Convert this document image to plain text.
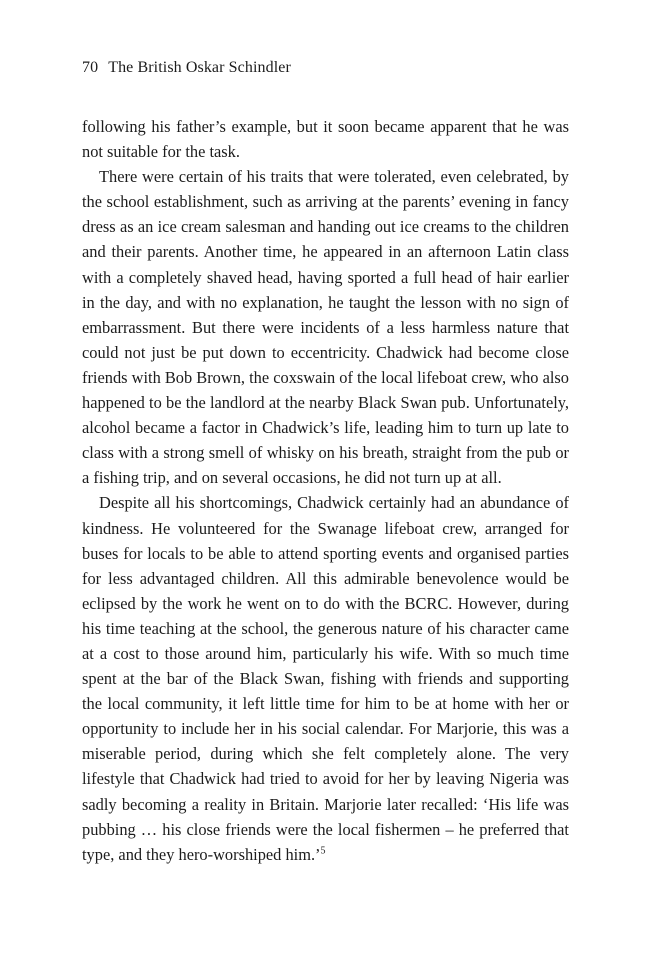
70 The British Oskar Schindler

following his father’s example, but it soon became apparent that he was not suitable for the task.

There were certain of his traits that were tolerated, even celebrated, by the school establishment, such as arriving at the parents’ evening in fancy dress as an ice cream salesman and handing out ice creams to the children and their parents. Another time, he appeared in an afternoon Latin class with a completely shaved head, having sported a full head of hair earlier in the day, and with no explanation, he taught the lesson with no sign of embarrassment. But there were incidents of a less harmless nature that could not just be put down to eccentricity. Chadwick had become close friends with Bob Brown, the coxswain of the local lifeboat crew, who also happened to be the landlord at the nearby Black Swan pub. Unfortunately, alcohol became a factor in Chadwick’s life, leading him to turn up late to class with a strong smell of whisky on his breath, straight from the pub or a fishing trip, and on several occasions, he did not turn up at all.

Despite all his shortcomings, Chadwick certainly had an abundance of kindness. He volunteered for the Swanage lifeboat crew, arranged for buses for locals to be able to attend sporting events and organised parties for less advantaged children. All this admirable benevolence would be eclipsed by the work he went on to do with the BCRC. However, during his time teaching at the school, the generous nature of his character came at a cost to those around him, particularly his wife. With so much time spent at the bar of the Black Swan, fishing with friends and supporting the local community, it left little time for him to be at home with her or opportunity to include her in his social calendar. For Marjorie, this was a miserable period, during which she felt completely alone. The very lifestyle that Chadwick had tried to avoid for her by leaving Nigeria was sadly becoming a reality in Britain. Marjorie later recalled: ‘His life was pubbing … his close friends were the local fishermen – he preferred that type, and they hero-worshiped him.’$^5$
